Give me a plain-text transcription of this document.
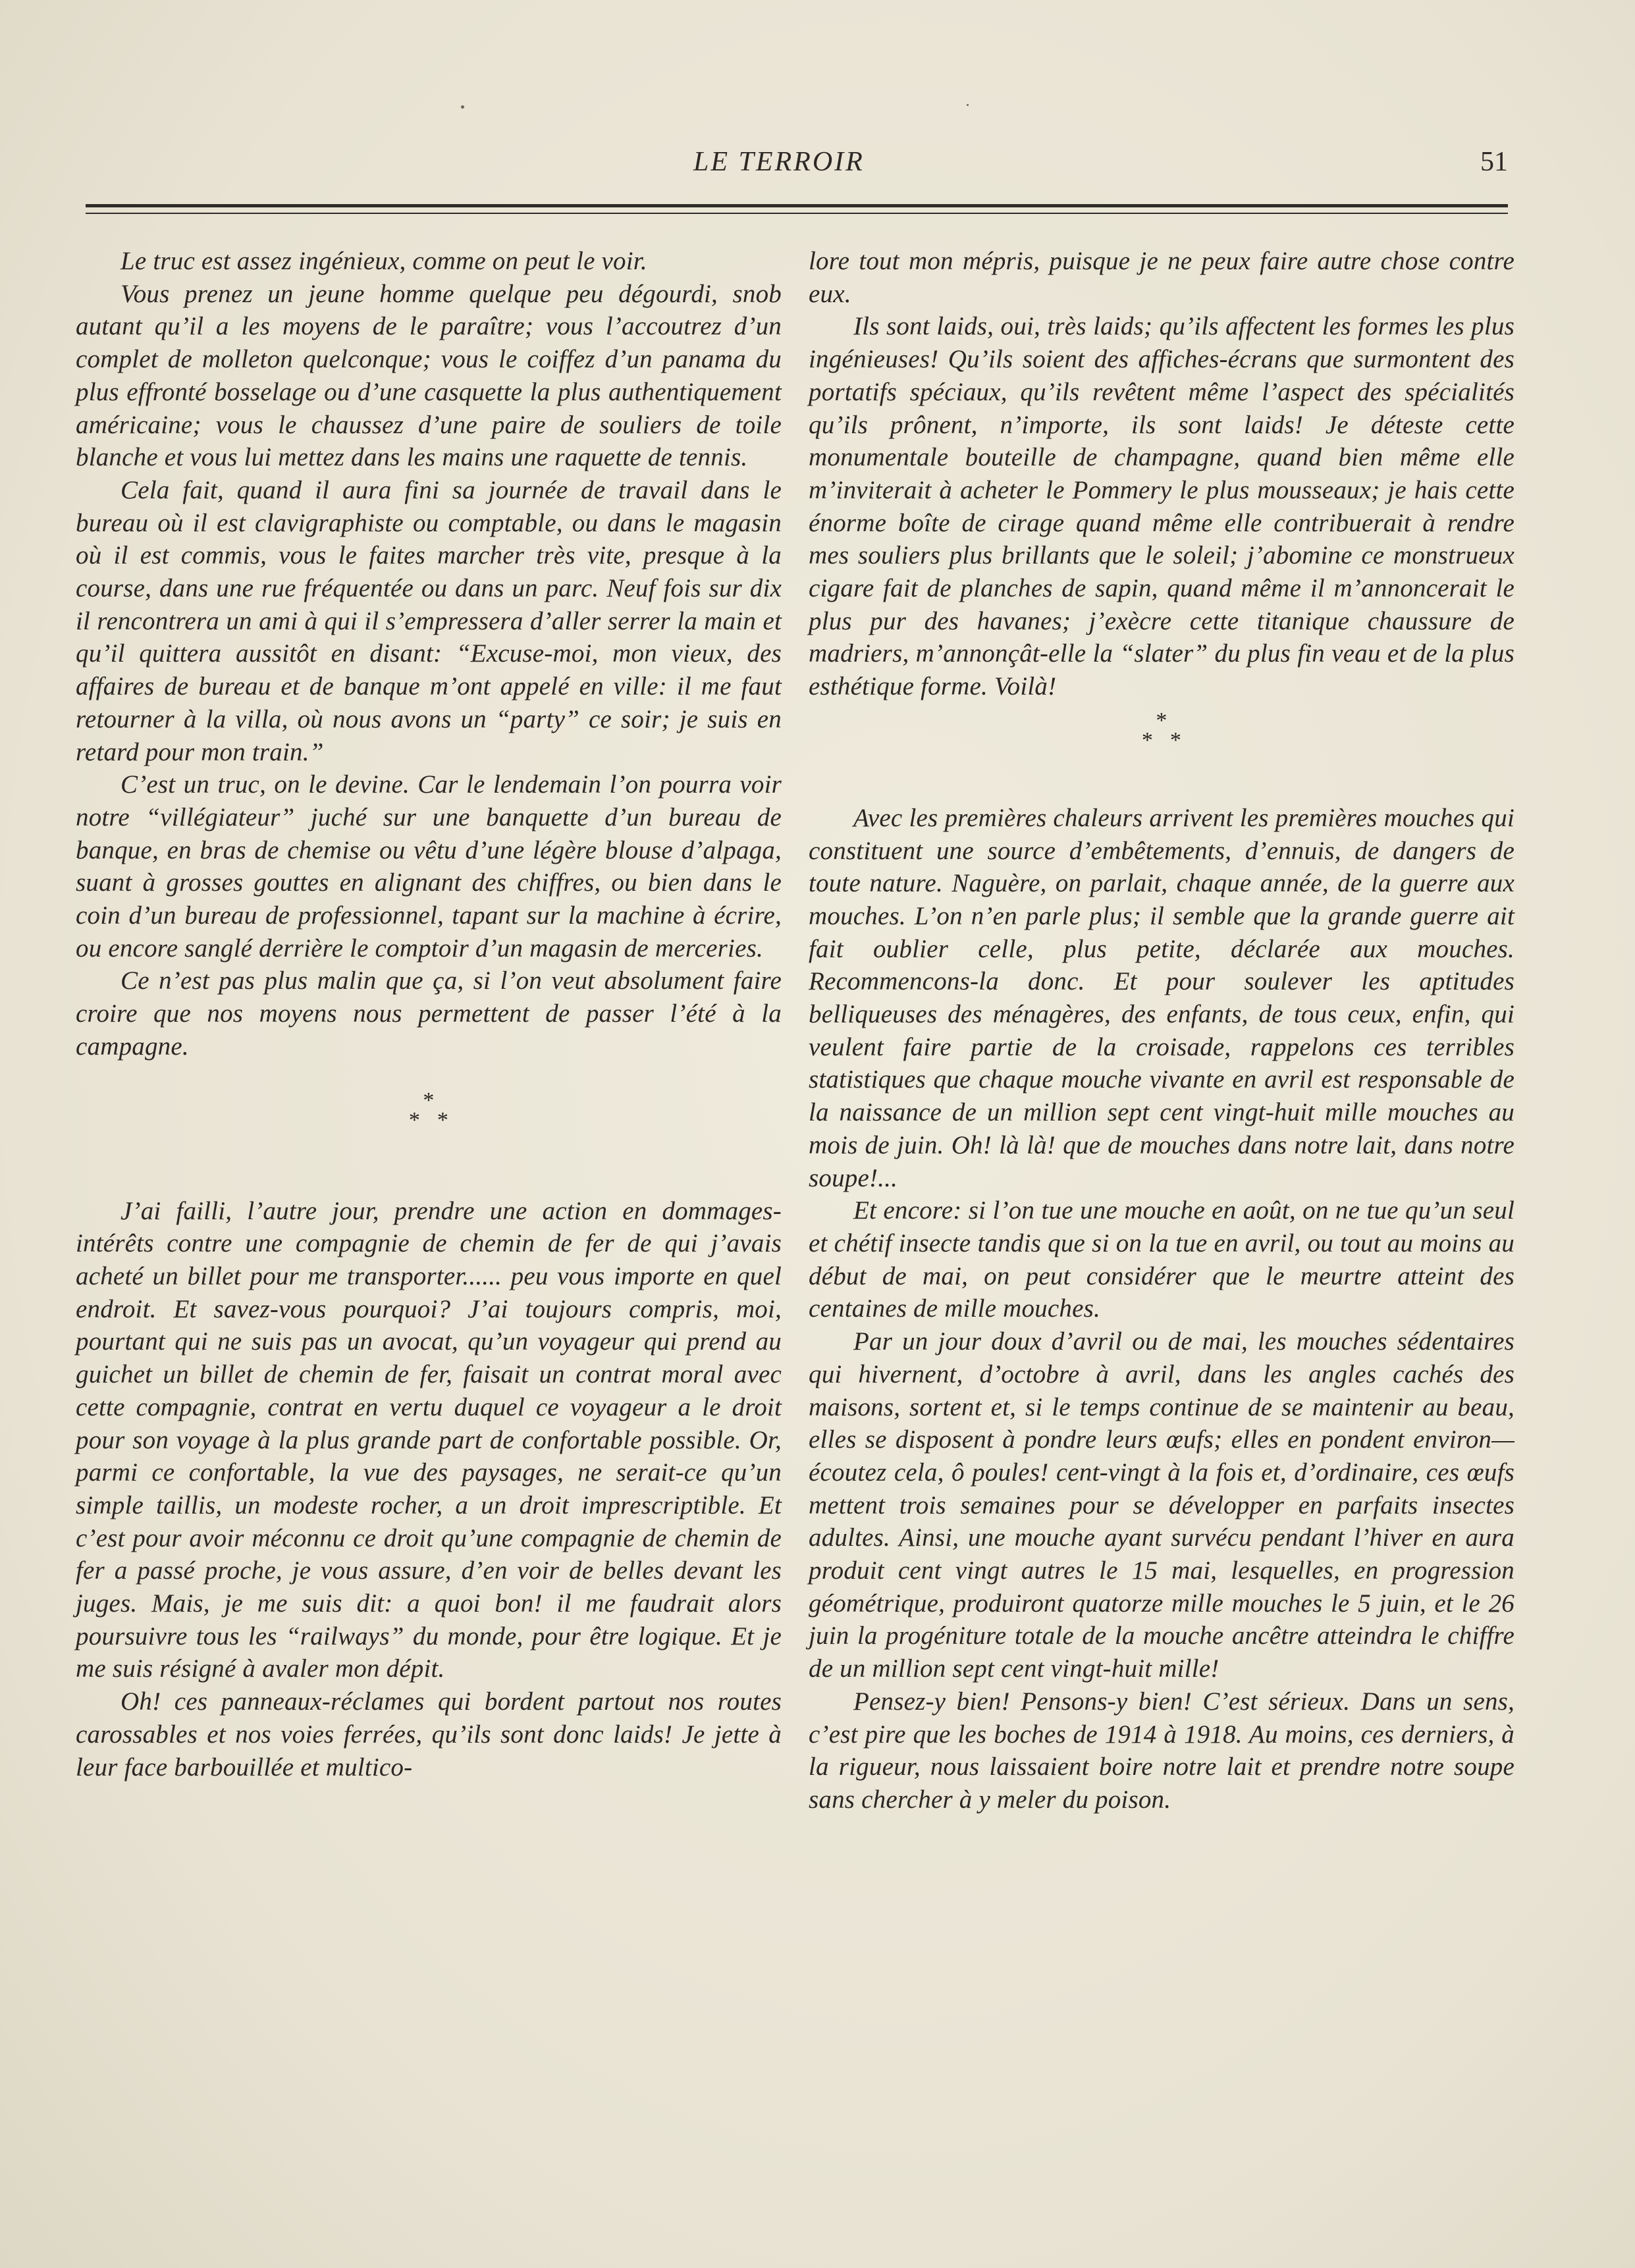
LE TERROIR	51

Le truc est assez ingénieux, comme on peut le voir.

Vous prenez un jeune homme quelque peu dégourdi, snob autant qu’il a les moyens de le paraître; vous l’accoutrez d’un complet de molleton quelconque; vous le coiffez d’un panama du plus effronté bosselage ou d’une casquette la plus authentiquement américaine; vous le chaussez d’une paire de souliers de toile blanche et vous lui mettez dans les mains une raquette de tennis.

Cela fait, quand il aura fini sa journée de travail dans le bureau où il est clavigraphiste ou comptable, ou dans le magasin où il est commis, vous le faites marcher très vite, presque à la course, dans une rue fréquentée ou dans un parc. Neuf fois sur dix il rencontrera un ami à qui il s’empressera d’aller serrer la main et qu’il quittera aussitôt en disant: “Excuse-moi, mon vieux, des affaires de bureau et de banque m’ont appelé en ville: il me faut retourner à la villa, où nous avons un “party” ce soir; je suis en retard pour mon train.”

C’est un truc, on le devine. Car le lendemain l’on pourra voir notre “villégiateur” juché sur une banquette d’un bureau de banque, en bras de chemise ou vêtu d’une légère blouse d’alpaga, suant à grosses gouttes en alignant des chiffres, ou bien dans le coin d’un bureau de professionnel, tapant sur la machine à écrire, ou encore sanglé derrière le comptoir d’un magasin de merceries.

Ce n’est pas plus malin que ça, si l’on veut absolument faire croire que nos moyens nous permettent de passer l’été à la campagne.

*
* *

J’ai failli, l’autre jour, prendre une action en dommages-intérêts contre une compagnie de chemin de fer de qui j’avais acheté un billet pour me transporter...... peu vous importe en quel endroit. Et savez-vous pourquoi? J’ai toujours compris, moi, pourtant qui ne suis pas un avocat, qu’un voyageur qui prend au guichet un billet de chemin de fer, faisait un contrat moral avec cette compagnie, contrat en vertu duquel ce voyageur a le droit pour son voyage à la plus grande part de confortable possible. Or, parmi ce confortable, la vue des paysages, ne serait-ce qu’un simple taillis, un modeste rocher, a un droit imprescriptible. Et c’est pour avoir méconnu ce droit qu’une compagnie de chemin de fer a passé proche, je vous assure, d’en voir de belles devant les juges. Mais, je me suis dit: a quoi bon! il me faudrait alors poursuivre tous les “railways” du monde, pour être logique. Et je me suis résigné à avaler mon dépit.

Oh! ces panneaux-réclames qui bordent partout nos routes carossables et nos voies ferrées, qu’ils sont donc laids! Je jette à leur face barbouillée et multico-

lore tout mon mépris, puisque je ne peux faire autre chose contre eux.

Ils sont laids, oui, très laids; qu’ils affectent les formes les plus ingénieuses! Qu’ils soient des affiches-écrans que surmontent des portatifs spéciaux, qu’ils revêtent même l’aspect des spécialités qu’ils prônent, n’importe, ils sont laids! Je déteste cette monumentale bouteille de champagne, quand bien même elle m’inviterait à acheter le Pommery le plus mousseaux; je hais cette énorme boîte de cirage quand même elle contribuerait à rendre mes souliers plus brillants que le soleil; j’abomine ce monstrueux cigare fait de planches de sapin, quand même il m’annoncerait le plus pur des havanes; j’exècre cette titanique chaussure de madriers, m’annonçât-elle la “slater” du plus fin veau et de la plus esthétique forme. Voilà!

*
* *

Avec les premières chaleurs arrivent les premières mouches qui constituent une source d’embêtements, d’ennuis, de dangers de toute nature. Naguère, on parlait, chaque année, de la guerre aux mouches. L’on n’en parle plus; il semble que la grande guerre ait fait oublier celle, plus petite, déclarée aux mouches. Recommencons-la donc. Et pour soulever les aptitudes belliqueuses des ménagères, des enfants, de tous ceux, enfin, qui veulent faire partie de la croisade, rappelons ces terribles statistiques que chaque mouche vivante en avril est responsable de la naissance de un million sept cent vingt-huit mille mouches au mois de juin. Oh! là là! que de mouches dans notre lait, dans notre soupe!...

Et encore: si l’on tue une mouche en août, on ne tue qu’un seul et chétif insecte tandis que si on la tue en avril, ou tout au moins au début de mai, on peut considérer que le meurtre atteint des centaines de mille mouches.

Par un jour doux d’avril ou de mai, les mouches sédentaires qui hivernent, d’octobre à avril, dans les angles cachés des maisons, sortent et, si le temps continue de se maintenir au beau, elles se disposent à pondre leurs œufs; elles en pondent environ—écoutez cela, ô poules! cent-vingt à la fois et, d’ordinaire, ces œufs mettent trois semaines pour se développer en parfaits insectes adultes. Ainsi, une mouche ayant survécu pendant l’hiver en aura produit cent vingt autres le 15 mai, lesquelles, en progression géométrique, produiront quatorze mille mouches le 5 juin, et le 26 juin la progéniture totale de la mouche ancêtre atteindra le chiffre de un million sept cent vingt-huit mille!

Pensez-y bien! Pensons-y bien! C’est sérieux. Dans un sens, c’est pire que les boches de 1914 à 1918. Au moins, ces derniers, à la rigueur, nous laissaient boire notre lait et prendre notre soupe sans chercher à y meler du poison.
